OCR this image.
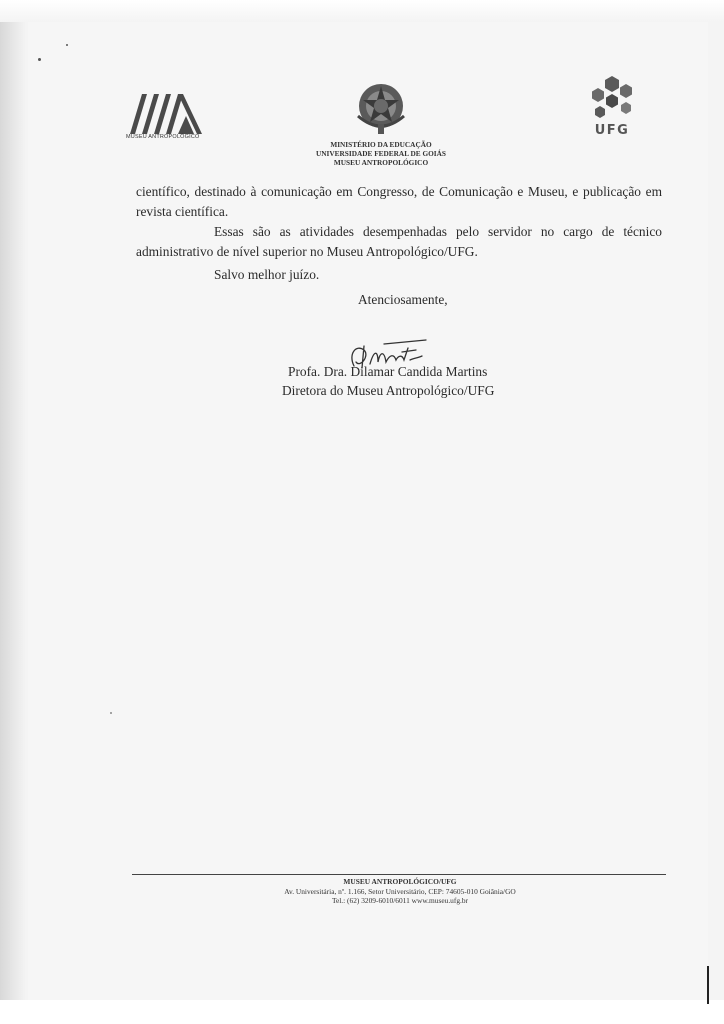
MUSEU ANTROPOLÓGICO
MINISTÉRIO DA EDUCAÇÃO
UNIVERSIDADE FEDERAL DE GOIÁS
MUSEU ANTROPOLÓGICO
UFG
científico, destinado à comunicação em Congresso, de Comunicação e Museu, e publicação em revista científica.
Essas são as atividades desempenhadas pelo servidor no cargo de técnico administrativo de nível superior no Museu Antropológico/UFG.
Salvo melhor juízo.
Atenciosamente,
Profa. Dra. Dilamar Candida Martins
Diretora do Museu Antropológico/UFG
MUSEU ANTROPOLÓGICO/UFG
Av. Universitária, nº. 1.166, Setor Universitário, CEP: 74605-010 Goiânia/GO
Tel.: (62) 3209-6010/6011 www.museu.ufg.br
